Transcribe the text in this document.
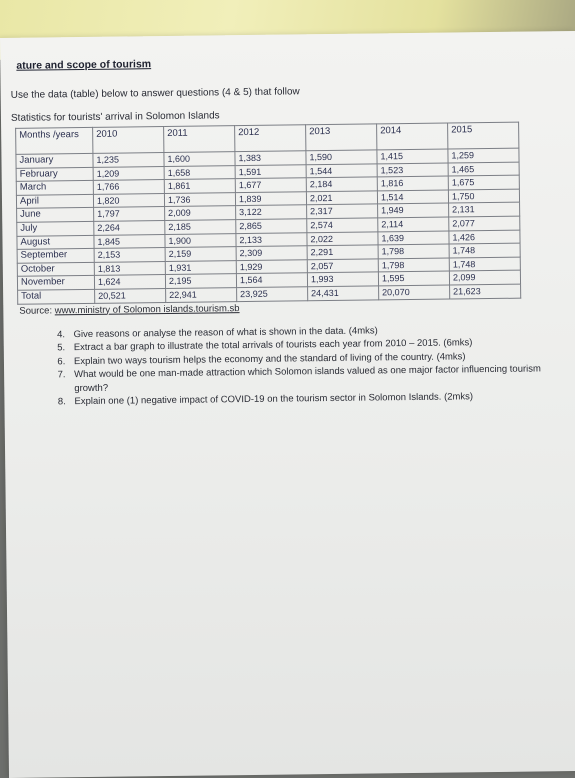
ature and scope of tourism
Use the data (table) below to answer questions (4 & 5) that follow
Statistics for tourists' arrival in Solomon Islands
Months /years	2010	2011	2012	2013	2014	2015
January	1,235	1,600	1,383	1,590	1,415	1,259
February	1,209	1,658	1,591	1,544	1,523	1,465
March	1,766	1,861	1,677	2,184	1,816	1,675
April	1,820	1,736	1,839	2,021	1,514	1,750
June	1,797	2,009	3,122	2,317	1,949	2,131
July	2,264	2,185	2,865	2,574	2,114	2,077
August	1,845	1,900	2,133	2,022	1,639	1,426
September	2,153	2,159	2,309	2,291	1,798	1,748
October	1,813	1,931	1,929	2,057	1,798	1,748
November	1,624	2,195	1,564	1,993	1,595	2,099
Total	20,521	22,941	23,925	24,431	20,070	21,623
Source: www.ministry of Solomon islands.tourism.sb
4. Give reasons or analyse the reason of what is shown in the data. (4mks)
5. Extract a bar graph to illustrate the total arrivals of tourists each year from 2010 – 2015. (6mks)
6. Explain two ways tourism helps the economy and the standard of living of the country. (4mks)
7. What would be one man-made attraction which Solomon islands valued as one major factor influencing tourism growth?
8. Explain one (1) negative impact of COVID-19 on the tourism sector in Solomon Islands. (2mks)
